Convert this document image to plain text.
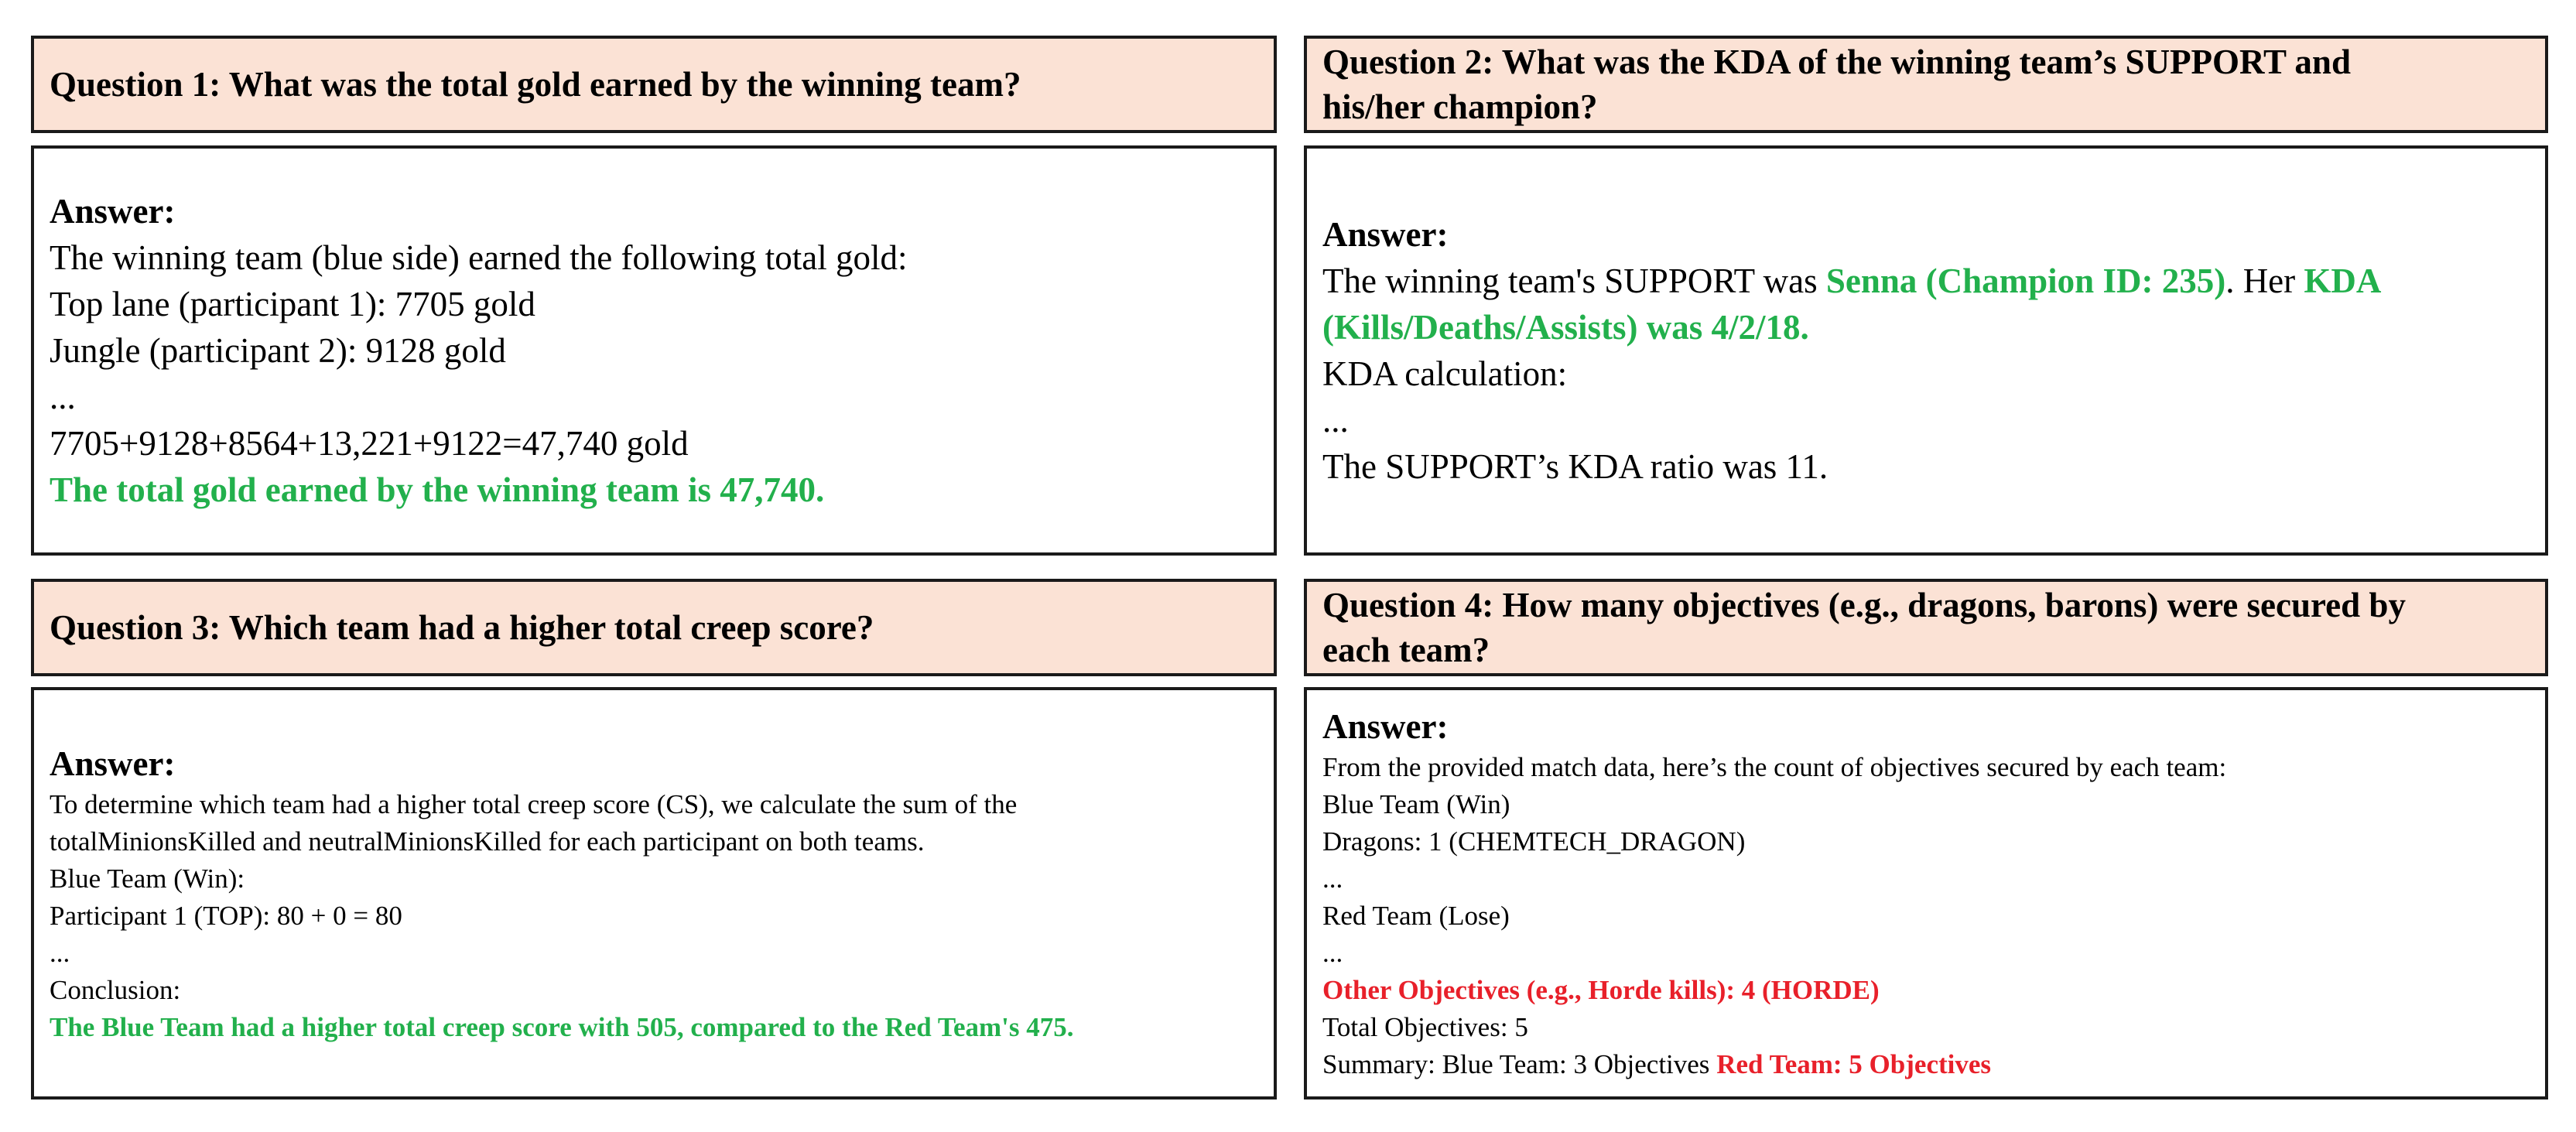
Question 1: What was the total gold earned by the winning team?
Answer:
The winning team (blue side) earned the following total gold:
Top lane (participant 1): 7705 gold
Jungle (participant 2): 9128 gold
...
7705+9128+8564+13,221+9122=47,740 gold
The total gold earned by the winning team is 47,740.
Question 2: What was the KDA of the winning team’s SUPPORT and
his/her champion?
Answer:
The winning team's SUPPORT was Senna (Champion ID: 235). Her KDA
(Kills/Deaths/Assists) was 4/2/18.
KDA calculation:
...
The SUPPORT’s KDA ratio was 11.
Question 3: Which team had a higher total creep score?
Answer:
To determine which team had a higher total creep score (CS), we calculate the sum of the
totalMinionsKilled and neutralMinionsKilled for each participant on both teams.
Blue Team (Win):
Participant 1 (TOP): 80 + 0 = 80
...
Conclusion:
The Blue Team had a higher total creep score with 505, compared to the Red Team's 475.
Question 4: How many objectives (e.g., dragons, barons) were secured by
each team?
Answer:
From the provided match data, here’s the count of objectives secured by each team:
Blue Team (Win)
Dragons: 1 (CHEMTECH_DRAGON)
...
Red Team (Lose)
...
Other Objectives (e.g., Horde kills): 4 (HORDE)
Total Objectives: 5
Summary: Blue Team: 3 Objectives Red Team: 5 Objectives
